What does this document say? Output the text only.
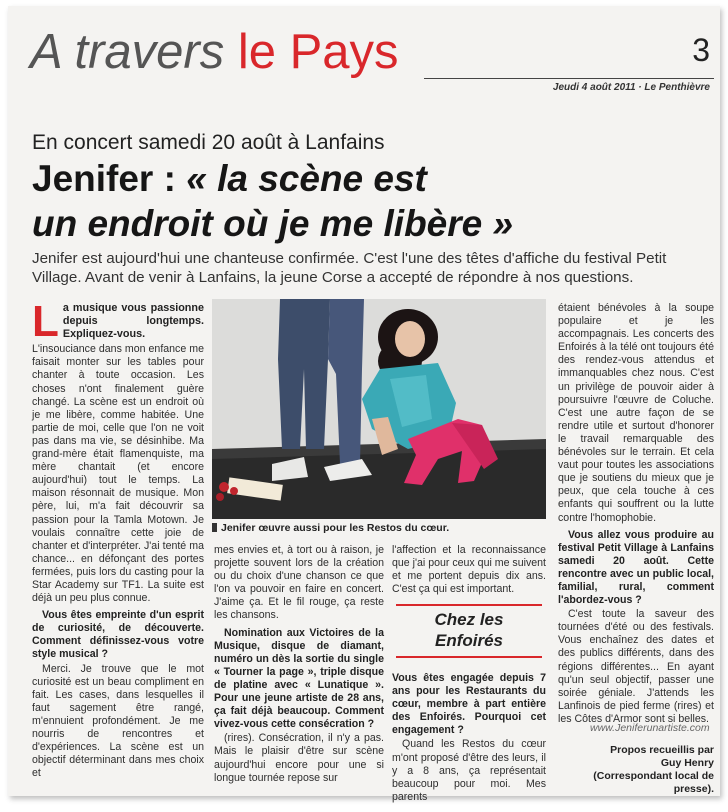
A travers le Pays	3
Jeudi 4 août 2011 · Le Penthièvre
En concert samedi 20 août à Lanfains
Jenifer : « la scène est
un endroit où je me libère »

Jenifer est aujourd'hui une chanteuse confirmée. C'est l'une des têtes d'affiche du festival Petit Village. Avant de venir à Lanfains, la jeune Corse a accepté de répondre à nos questions.

L a musique vous passionne depuis longtemps. Expliquez-vous.

L'insouciance dans mon enfance me faisait monter sur les tables pour chanter à toute occasion. Les choses n'ont finalement guère changé. La scène est un endroit où je me libère, comme habitée. Une partie de moi, celle que l'on ne voit pas dans ma vie, se désinhibe. Ma grand-mère était flamenquiste, ma mère chantait (et encore aujourd'hui) tout le temps. La maison résonnait de musique. Mon père, lui, m'a fait découvrir sa passion pour la Tamla Motown. Je voulais connaître cette joie de chanter et d'interpréter. J'ai tenté ma chance... en défonçant des portes fermées, puis lors du casting pour la Star Academy sur TF1. La suite est déjà un peu plus connue.

Vous êtes empreinte d'un esprit de curiosité, de découverte. Comment définissez-vous votre style musical ?

Merci. Je trouve que le mot curiosité est un beau compliment en fait. Les cases, dans lesquelles il faut sagement être rangé, m'ennuient profondément. Je me nourris de rencontres et d'expériences. La scène est un objectif déterminant dans mes choix et

Jenifer œuvre aussi pour les Restos du cœur.

mes envies et, à tort ou à raison, je projette souvent lors de la création ou du choix d'une chanson ce que l'on va pouvoir en faire en concert. J'aime ça. Et le fil rouge, ça reste les chansons.

Nomination aux Victoires de la Musique, disque de diamant, numéro un dès la sortie du single « Tourner la page », triple disque de platine avec « Lunatique ». Pour une jeune artiste de 28 ans, ça fait déjà beaucoup. Comment vivez-vous cette consécration ?

(rires). Consécration, il n'y a pas. Mais le plaisir d'être sur scène aujourd'hui encore pour une si longue tournée repose sur

l'affection et la reconnaissance que j'ai pour ceux qui me suivent et me portent depuis dix ans. C'est ça qui est important.

Chez les
Enfoirés

Vous êtes engagée depuis 7 ans pour les Restaurants du cœur, membre à part entière des Enfoirés. Pourquoi cet engagement ?

Quand les Restos du cœur m'ont proposé d'être des leurs, il y a 8 ans, ça représentait beaucoup pour moi. Mes parents

étaient bénévoles à la soupe populaire et je les accompagnais. Les concerts des Enfoirés à la télé ont toujours été des rendez-vous attendus et immanquables chez nous. C'est un privilège de pouvoir aider à poursuivre l'œuvre de Coluche. C'est une autre façon de se rendre utile et surtout d'honorer le travail remarquable des bénévoles sur le terrain. Et cela vaut pour toutes les associations que je soutiens du mieux que je peux, que cela touche à ces enfants qui souffrent ou la lutte contre l'homophobie.

Vous allez vous produire au festival Petit Village à Lanfains samedi 20 août. Cette rencontre avec un public local, familial, rural, comment l'abordez-vous ?

C'est toute la saveur des tournées d'été ou des festivals. Vous enchaînez des dates et des publics différents, dans des régions différentes... En ayant qu'un seul objectif, passer une soirée géniale. J'attends les Lanfinois de pied ferme (rires) et les Côtes d'Armor sont si belles.

www.Jeniferunartiste.com
Propos recueillis par
Guy Henry
(Correspondant local de presse).
